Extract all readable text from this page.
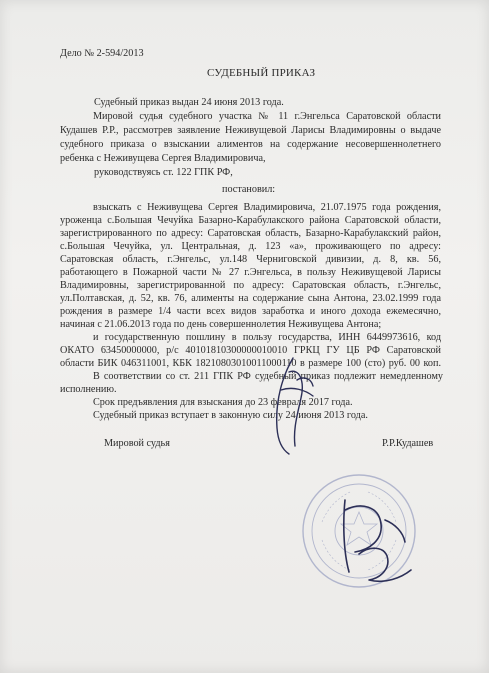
Дело № 2-594/2013
СУДЕБНЫЙ ПРИКАЗ
Судебный приказ выдан 24 июня 2013 года.
Мировой судья судебного участка № 11 г.Энгельса Саратовской области
Кудашев Р.Р., рассмотрев заявление Неживущевой Ларисы Владимировны о выдаче
судебного приказа о взыскании алиментов на содержание несовершеннолетнего
ребенка с Неживущева Сергея Владимировича,
руководствуясь ст. 122 ГПК РФ,
постановил:
взыскать с Неживущева Сергея Владимировича, 21.07.1975 года рождения,
уроженца с.Большая Чечуйка Базарно-Карабулакского района Саратовской области,
зарегистрированного по адресу: Саратовская область, Базарно-Карабулакский район,
с.Большая Чечуйка, ул. Центральная, д. 123 «а», проживающего по адресу:
Саратовская область, г.Энгельс, ул.148 Черниговской дивизии, д. 8, кв. 56,
работающего в Пожарной части № 27 г.Энгельса, в пользу Неживущевой Ларисы
Владимировны, зарегистрированной по адресу: Саратовская область, г.Энгельс,
ул.Полтавская, д. 52, кв. 76, алименты на содержание сына Антона, 23.02.1999 года
рождения в размере 1/4 части всех видов заработка и иного дохода ежемесячно,
начиная с 21.06.2013 года по день совершеннолетия Неживущева Антона;
и государственную пошлину в пользу государства, ИНН 6449973616, код
ОКАТО 63450000000, р/с 40101810300000010010 ГРКЦ ГУ ЦБ РФ Саратовской
области БИК 046311001, КБК 18210803010011000110 в размере 100 (сто) руб. 00 коп.
В соответствии со ст. 211 ГПК РФ судебный приказ подлежит немедленному
исполнению.
Срок предъявления для взыскания до 23 февраля 2017 года.
Судебный приказ вступает в законную силу 24 июня 2013 года.
Мировой судья	Р.Р.Кудашев
